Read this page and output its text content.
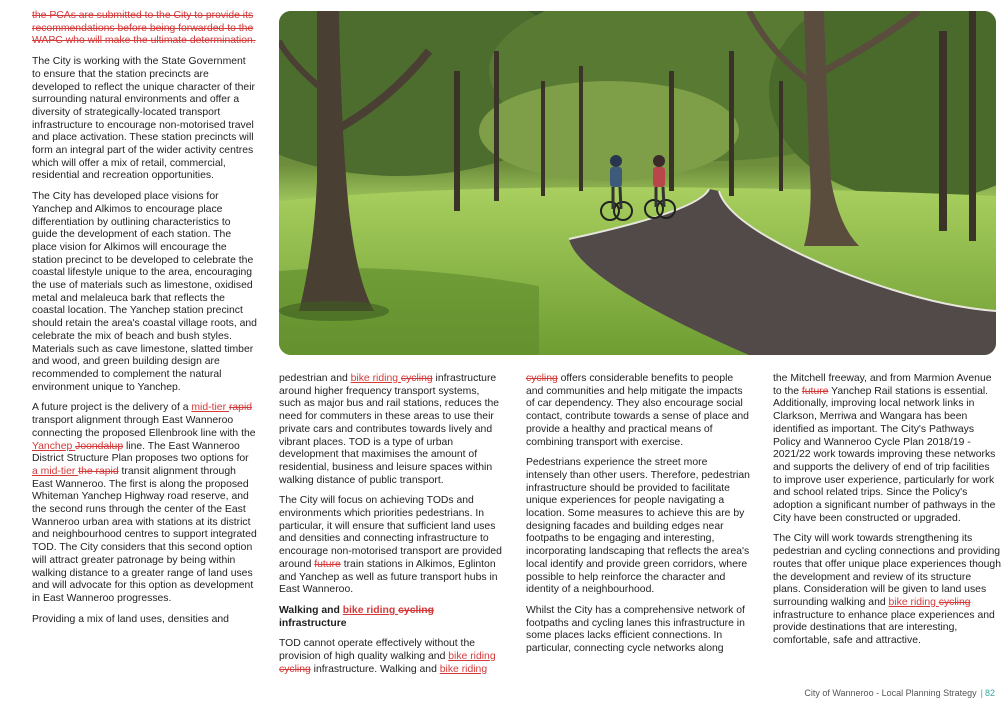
the PCAs are submitted to the City to provide its recommendations before being forwarded to the WAPC who will make the ultimate determination.

The City is working with the State Government to ensure that the station precincts are developed to reflect the unique character of their surrounding natural environments and offer a diversity of strategically-located transport infrastructure to encourage non-motorised travel and place activation. These station precincts will form an integral part of the wider activity centres which will offer a mix of retail, commercial, residential and recreation opportunities.

The City has developed place visions for Yanchep and Alkimos to encourage place differentiation by outlining characteristics to guide the development of each station. The place vision for Alkimos will encourage the station precinct to be developed to celebrate the coastal lifestyle unique to the area, encouraging the use of materials such as limestone, oxidised metal and melaleuca bark that reflects the coastal location. The Yanchep station precinct should retain the area's coastal village roots, and celebrate the mix of beach and bush styles. Materials such as cave limestone, slatted timber and wood, and green building design are recommended to complement the natural environment unique to Yanchep.

A future project is the delivery of a mid-tier rapid transport alignment through East Wanneroo connecting the proposed Ellenbrook line with the Yanchep Joondalup line. The East Wanneroo District Structure Plan proposes two options for a mid-tier the rapid transit alignment through East Wanneroo. The first is along the proposed Whiteman Yanchep Highway road reserve, and the second runs through the center of the East Wanneroo urban area with stations at its district and neighbourhood centres to support integrated TOD. The City considers that this second option will attract greater patronage by being within walking distance to a greater range of land uses and will advocate for this option as development in East Wanneroo progresses.

Providing a mix of land uses, densities and

pedestrian and bike riding cycling infrastructure around higher frequency transport systems, such as major bus and rail stations, reduces the need for commuters in these areas to use their private cars and contributes towards lively and vibrant places. TOD is a type of urban development that maximises the amount of residential, business and leisure spaces within walking distance of public transport.

The City will focus on achieving TODs and environments which priorities pedestrians. In particular, it will ensure that sufficient land uses and densities and connecting infrastructure to encourage non-motorised transport are provided around future train stations in Alkimos, Eglinton and Yanchep as well as future transport hubs in East Wanneroo.

Walking and bike riding cycling infrastructure

TOD cannot operate effectively without the provision of high quality walking and bike riding cycling infrastructure. Walking and bike riding

cycling offers considerable benefits to people and communities and help mitigate the impacts of car dependency. They also encourage social contact, contribute towards a sense of place and provide a healthy and practical means of combining transport with exercise.

Pedestrians experience the street more intensely than other users. Therefore, pedestrian infrastructure should be provided to facilitate unique experiences for people navigating a location. Some measures to achieve this are by designing facades and building edges near footpaths to be engaging and interesting, incorporating landscaping that reflects the area's local identify and provide green corridors, where possible to help reinforce the character and identity of a neighbourhood.

Whilst the City has a comprehensive network of footpaths and cycling lanes this infrastructure in some places lacks efficient connections. In particular, connecting cycle networks along

the Mitchell freeway, and from Marmion Avenue to the future Yanchep Rail stations is essential. Additionally, improving local network links in Clarkson, Merriwa and Wangara has been identified as important. The City's Pathways Policy and Wanneroo Cycle Plan 2018/19 - 2021/22 work towards improving these networks and supports the delivery of end of trip facilities to improve user experience, particularly for work and school related trips. Since the Policy's adoption a significant number of pathways in the City have been constructed or upgraded.

The City will work towards strengthening its pedestrian and cycling connections and providing routes that offer unique place experiences though the development and review of its structure plans. Consideration will be given to land uses surrounding walking and bike riding cycling infrastructure to enhance place experiences and provide destinations that are interesting, comfortable, safe and attractive.

City of Wanneroo - Local Planning Strategy | 82
